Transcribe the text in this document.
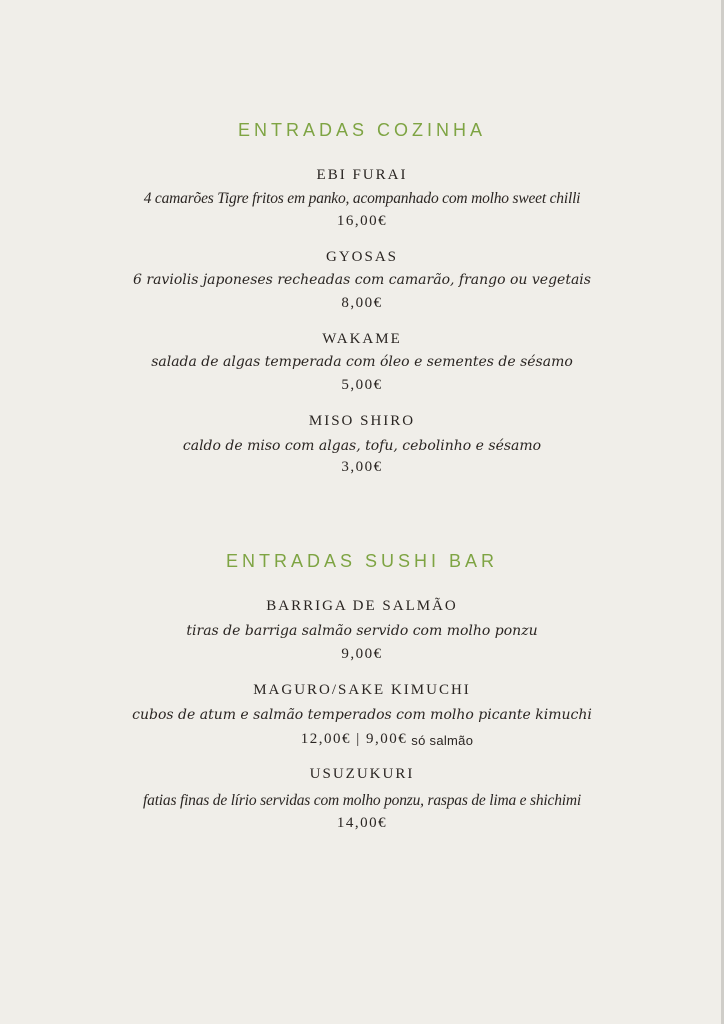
ENTRADAS COZINHA
EBI FURAI
4 camarões Tigre fritos em panko, acompanhado com molho sweet chilli
16,00€
GYOSAS
6 raviolis japoneses recheadas com camarão, frango ou vegetais
8,00€
WAKAME
salada de algas temperada com óleo e sementes de sésamo
5,00€
MISO SHIRO
caldo de miso com algas, tofu, cebolinho e sésamo
3,00€
ENTRADAS SUSHI BAR
BARRIGA DE SALMÃO
tiras de barriga salmão servido com molho ponzu
9,00€
MAGURO/SAKE KIMUCHI
cubos de atum e salmão temperados com molho picante kimuchi
12,00€ | 9,00€ só salmão
USUZUKURI
fatias finas de lírio servidas com molho ponzu, raspas de lima e shichimi
14,00€
